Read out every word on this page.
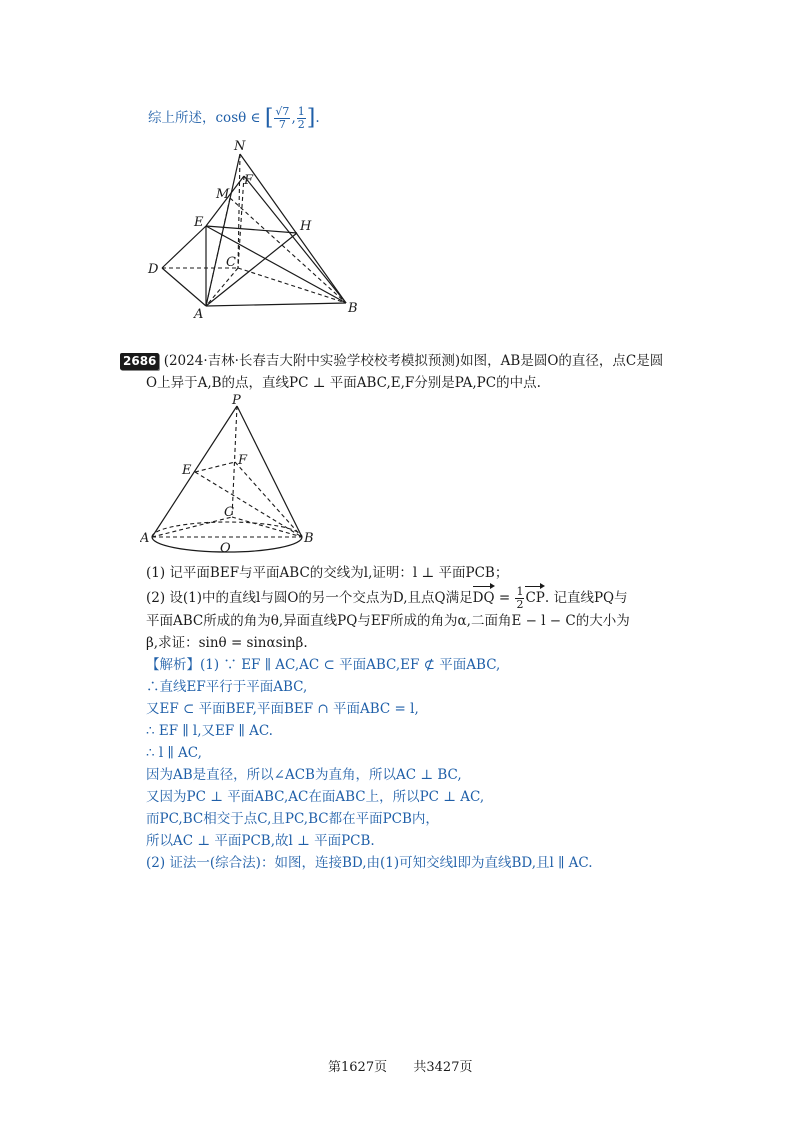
综上所述，cosθ ∈ [ $\frac{√7}{7}$ , $\frac{1}{2}$ ].
N
M
F
E	H
D	C
A	B
2686 (2024·吉林·长春吉大附中实验学校校考模拟预测)如图，AB是圆O的直径，点C是圆
O上异于A,B的点，直线PC ⊥ 平面ABC,E,F分别是PA,PC的中点.
P
E
F
C
A	B
O
(1) 记平面BEF与平面ABC的交线为l,证明：l ⊥ 平面PCB；
(2) 设(1)中的直线l与圆O的另一个交点为D,且点Q满足DQ = $\frac{1}{2}$ CP. 记直线PQ与
平面ABC所成的角为θ,异面直线PQ与EF所成的角为α,二面角E − l − C的大小为
β,求证：sinθ = sinαsinβ.
【解析】(1) ∵ EF ∥ AC,AC ⊂ 平面ABC,EF ⊄ 平面ABC,
∴直线EF平行于平面ABC,
又EF ⊂ 平面BEF,平面BEF ∩ 平面ABC = l,
∴ EF ∥ l,又EF ∥ AC.
∴ l ∥ AC,
因为AB是直径，所以∠ACB为直角，所以AC ⊥ BC,
又因为PC ⊥ 平面ABC,AC在面ABC上，所以PC ⊥ AC,
而PC,BC相交于点C,且PC,BC都在平面PCB内，
所以AC ⊥ 平面PCB,故l ⊥ 平面PCB.
(2) 证法一(综合法)：如图，连接BD,由(1)可知交线l即为直线BD,且l ∥ AC.
第1627页 共3427页
